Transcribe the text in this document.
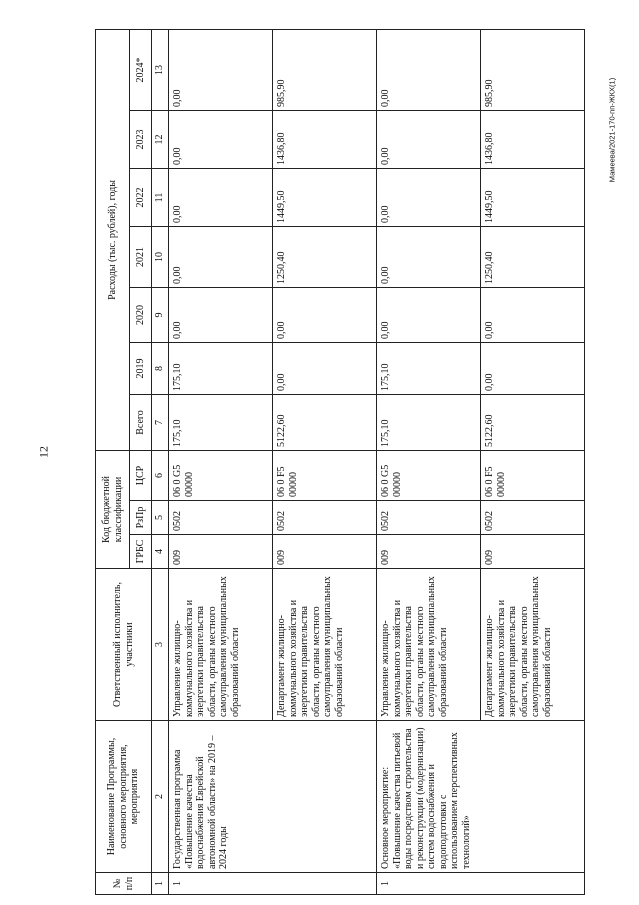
12
№ п/п	Наименование Программы, основного мероприятия, мероприятия	Ответственный исполнитель, участники	Код бюджетной классификации			Расходы (тыс. рублей), годы						
			ГРБС	РзПр	ЦСР	Всего	2019	2020	2021	2022	2023	2024*
1	2	3	4	5	6	7	8	9	10	11	12	13
1	Государственная программа «Повышение качества водоснабжения Еврейской автономной области» на 2019 – 2024 годы	Управление жилищно-коммунального хозяйства и энергетики правительства области, органы местного самоуправления муниципальных образований области	009	0502	06 0 G5 00000	175,10	175,10	0,00	0,00	0,00	0,00	0,00
		Департамент жилищно-коммунального хозяйства и энергетики правительства области, органы местного самоуправления муниципальных образований области	009	0502	06 0 F5 00000	5122,60	0,00	0,00	1250,40	1449,50	1436,80	985,90
1	Основное мероприятие: «Повышение качества питьевой воды посредством строительства и реконструкции (модернизации) систем водоснабжения и водоподготовки с использованием перспективных технологий»	Управление жилищно-коммунального хозяйства и энергетики правительства области, органы местного самоуправления муниципальных образований области	009	0502	06 0 G5 00000	175,10	175,10	0,00	0,00	0,00	0,00	0,00
		Департамент жилищно-коммунального хозяйства и энергетики правительства области, органы местного самоуправления муниципальных образований области	009	0502	06 0 F5 00000	5122,60	0,00	0,00	1250,40	1449,50	1436,80	985,90	Мамеева/2021-170-пп-ЖКХ(1)
